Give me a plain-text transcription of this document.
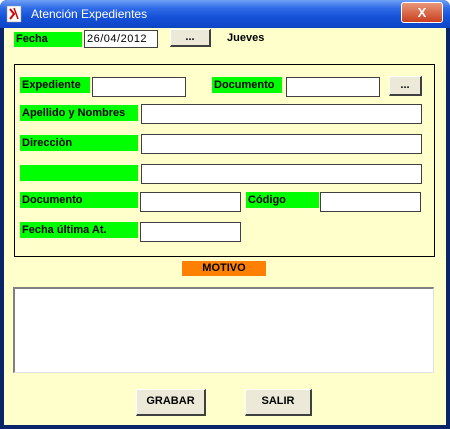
Atención Expedientes	X
Fecha	26/04/2012	...	Jueves
Expediente	Documento	...
Apellido y Nombres
Direcciòn
Documento	Código
Fecha última At.
MOTIVO
GRABAR	SALIR
